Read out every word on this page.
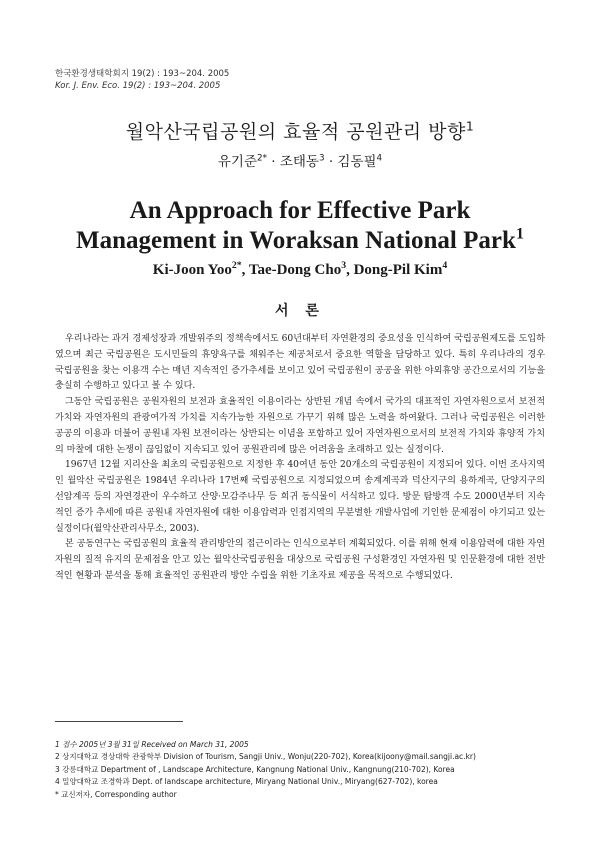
한국환경생태학회지 19(2) : 193~204. 2005
Kor. J. Env. Eco. 19(2) : 193~204. 2005
월악산국립공원의 효율적 공원관리 방향$^1$
유기준$^{2*}$ · 조태동$^3$ · 김동필$^4$
An Approach for Effective Park Management in Woraksan National Park$^1$
Ki-Joon Yoo$^{2*}$, Tae-Dong Cho$^3$, Dong-Pil Kim$^4$
서 론

우리나라는 과거 경제성장과 개발위주의 정책속에서도 60년대부터 자연환경의 중요성을 인식하여 국립공원제도를 도입하였으며 최근 국립공원은 도시민들의 휴양욕구를 채워주는 제공처로서 중요한 역할을 담당하고 있다. 특히 우리나라의 경우 국립공원을 찾는 이용객 수는 매년 지속적인 증가추세를 보이고 있어 국립공원이 공공을 위한 야외휴양 공간으로서의 기능을 충실히 수행하고 있다고 볼 수 있다.

그동안 국립공원은 공원자원의 보전과 효율적인 이용이라는 상반된 개념 속에서 국가의 대표적인 자연자원으로서 보전적 가치와 자연자원의 관광여가적 가치를 지속가능한 자원으로 가꾸기 위해 많은 노력을 하여왔다. 그러나 국립공원은 이러한 공공의 이용과 더불어 공원내 자원 보전이라는 상반되는 이념을 포함하고 있어 자연자원으로서의 보전적 가치와 휴양적 가치의 마찰에 대한 논쟁이 끊임없이 지속되고 있어 공원관리에 많은 어려움을 초래하고 있는 실정이다.

1967년 12월 지리산을 최초의 국립공원으로 지정한 후 40여년 동안 20개소의 국립공원이 지정되어 있다. 이번 조사지역인 월악산 국립공원은 1984년 우리나라 17번째 국립공원으로 지정되었으며 송계계곡과 덕산지구의 용하계곡, 단양지구의 선암계곡 등의 자연경관이 우수하고 산양·모감주나무 등 희귀 동식물이 서식하고 있다. 방문 탐방객 수도 2000년부터 지속적인 증가 추세에 따른 공원내 자연자원에 대한 이용압력과 인접지역의 무분별한 개발사업에 기인한 문제점이 야기되고 있는 실정이다(월악산관리사무소, 2003).

본 공동연구는 국립공원의 효율적 관리방안의 접근이라는 인식으로부터 계획되었다. 이를 위해 현재 이용압력에 대한 자연자원의 질적 유지의 문제점을 안고 있는 월악산국립공원을 대상으로 국립공원 구성환경인 자연자원 및 인문환경에 대한 전반적인 현황과 분석을 통해 효율적인 공원관리 방안 수립을 위한 기초자료 제공을 목적으로 수행되었다.

1 접수 2005년 3월 31일 Received on March 31, 2005
2 상지대학교 경상대학 관광학부 Division of Tourism, Sangji Univ., Wonju(220-702), Korea(kijoony@mail.sangji.ac.kr)
3 강릉대학교 Department of , Landscape Architecture, Kangnung National Univ., Kangnung(210-702), Korea
4 밀양대학교 조경학과 Dept. of landscape architecture, Miryang National Univ., Miryang(627-702), korea
* 교신저자, Corresponding author
